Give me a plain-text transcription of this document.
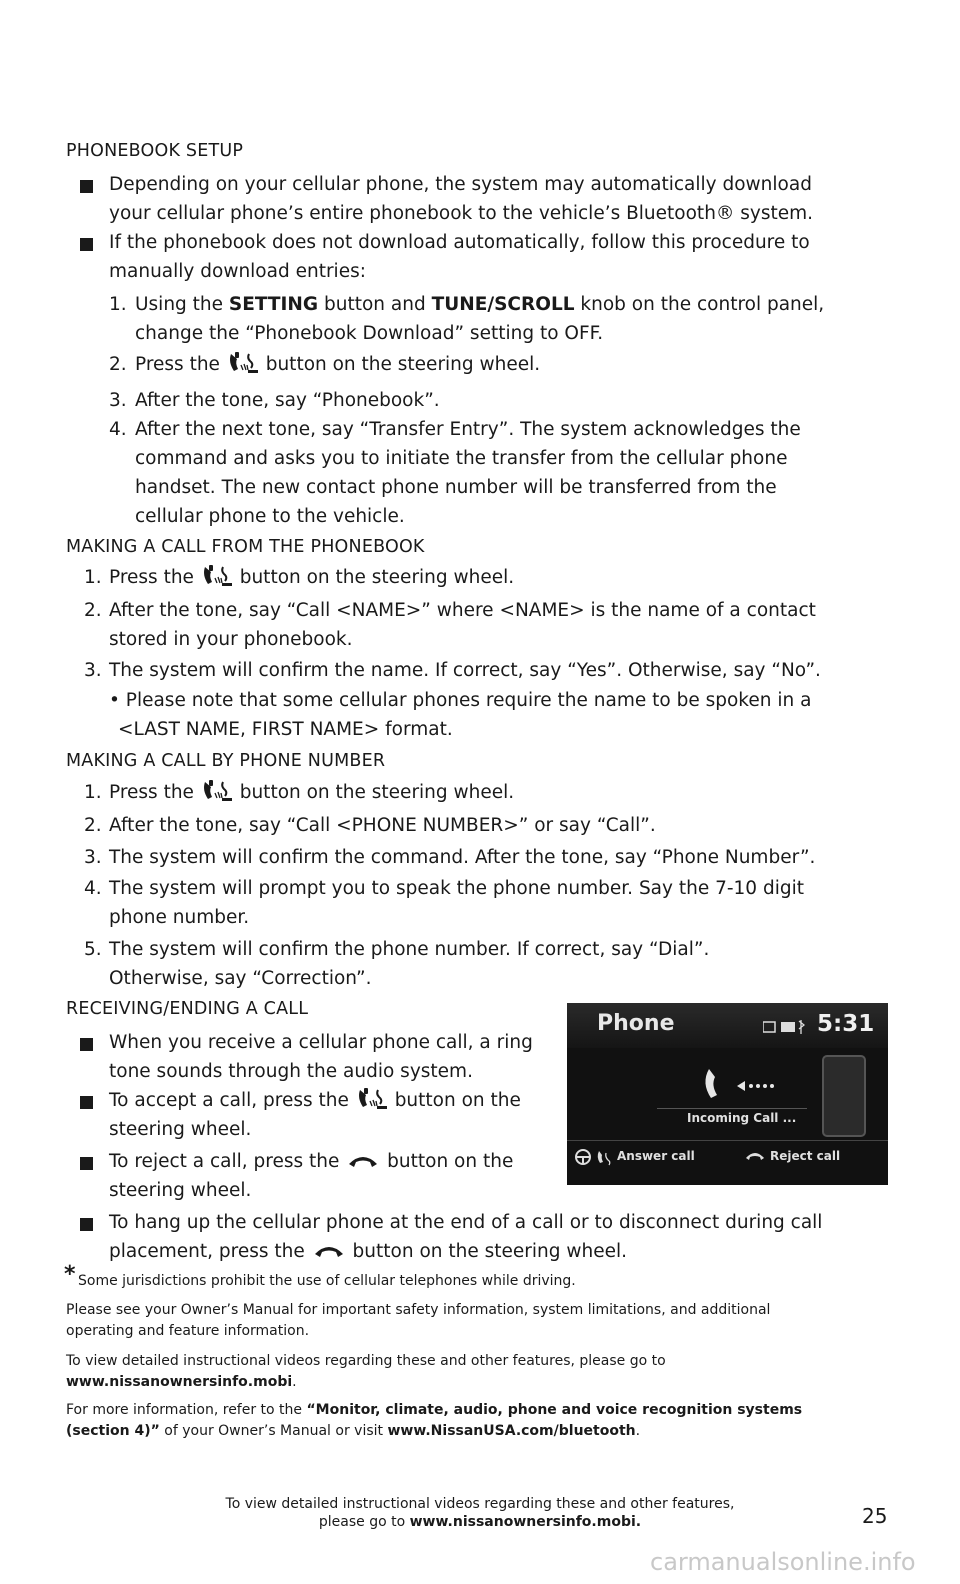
PHONEBOOK SETUP
Depending on your cellular phone, the system may automatically download
your cellular phone’s entire phonebook to the vehicle’s Bluetooth® system.
If the phonebook does not download automatically, follow this procedure to
manually download entries:
1. Using the SETTING button and TUNE/SCROLL knob on the control panel,
change the “Phonebook Download” setting to OFF.
2. Press the button on the steering wheel.
3. After the tone, say “Phonebook”.
4. After the next tone, say “Transfer Entry”. The system acknowledges the
command and asks you to initiate the transfer from the cellular phone
handset. The new contact phone number will be transferred from the
cellular phone to the vehicle.
MAKING A CALL FROM THE PHONEBOOK
1. Press the button on the steering wheel.
2. After the tone, say “Call <NAME>” where <NAME> is the name of a contact
stored in your phonebook.
3. The system will confirm the name. If correct, say “Yes”. Otherwise, say “No”.
• Please note that some cellular phones require the name to be spoken in a
<LAST NAME, FIRST NAME> format.
MAKING A CALL BY PHONE NUMBER
1. Press the button on the steering wheel.
2. After the tone, say “Call <PHONE NUMBER>” or say “Call”.
3. The system will confirm the command. After the tone, say “Phone Number”.
4. The system will prompt you to speak the phone number. Say the 7-10 digit
phone number.
5. The system will confirm the phone number. If correct, say “Dial”.
Otherwise, say “Correction”.
RECEIVING/ENDING A CALL
When you receive a cellular phone call, a ring
tone sounds through the audio system.
To accept a call, press the button on the
steering wheel.
To reject a call, press the	button on the
steering wheel.
To hang up the cellular phone at the end of a call or to disconnect during call
placement, press the	button on the steering wheel.
Phone	5:31
Incoming Call ...
Answer call	Reject call
* Some jurisdictions prohibit the use of cellular telephones while driving.
Please see your Owner’s Manual for important safety information, system limitations, and additional
operating and feature information.
To view detailed instructional videos regarding these and other features, please go to
www.nissanownersinfo.mobi.
For more information, refer to the “Monitor, climate, audio, phone and voice recognition systems
(section 4)” of your Owner’s Manual or visit www.NissanUSA.com/bluetooth.
To view detailed instructional videos regarding these and other features,
please go to www.nissanownersinfo.mobi.	25
carmanualsonline.info
